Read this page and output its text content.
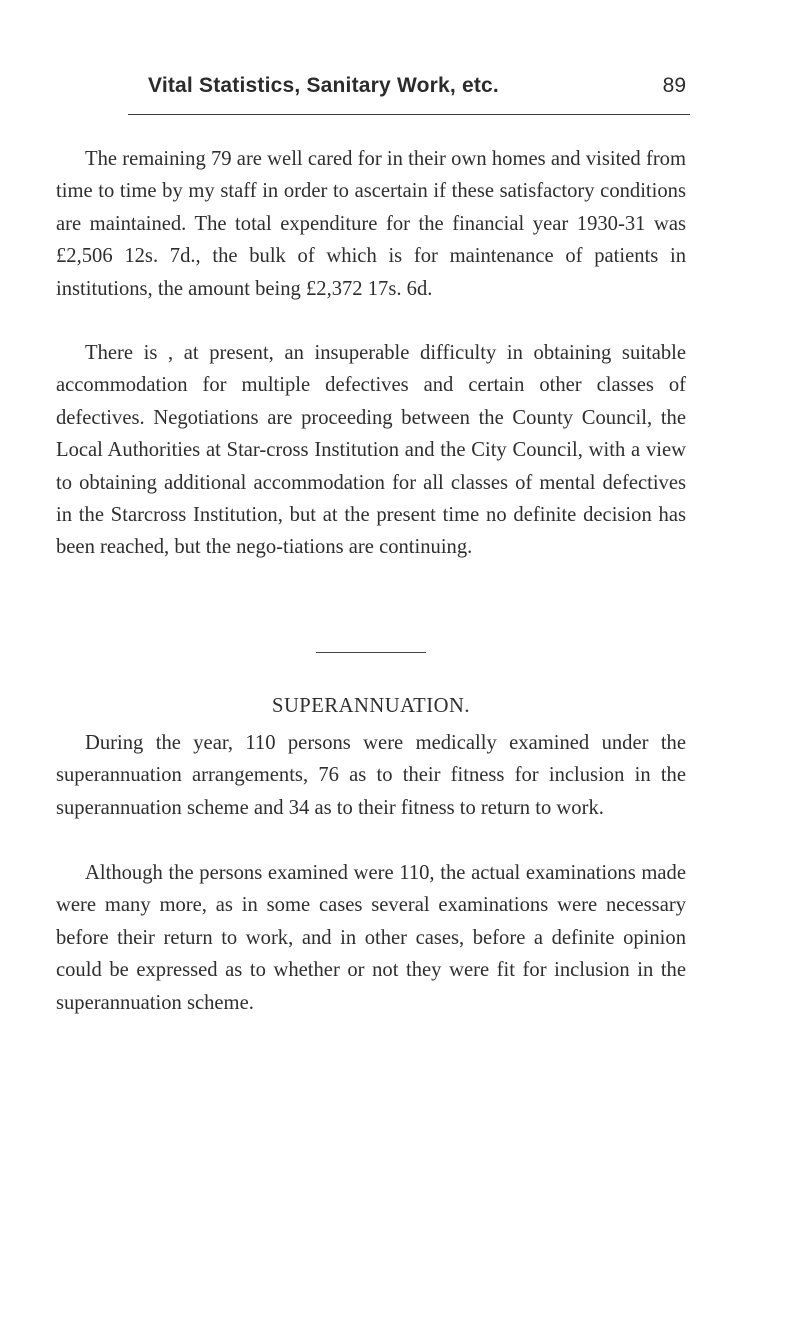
Vital Statistics, Sanitary Work, etc.	89

The remaining 79 are well cared for in their own homes and visited from time to time by my staff in order to ascertain if these satisfactory conditions are maintained. The total expenditure for the financial year 1930-31 was £2,506 12s. 7d., the bulk of which is for maintenance of patients in institutions, the amount being £2,372 17s. 6d.

There is , at present, an insuperable difficulty in obtaining suitable accommodation for multiple defectives and certain other classes of defectives. Negotiations are proceeding between the County Council, the Local Authorities at Star-cross Institution and the City Council, with a view to obtaining additional accommodation for all classes of mental defectives in the Starcross Institution, but at the present time no definite decision has been reached, but the nego-tiations are continuing.

SUPERANNUATION.

During the year, 110 persons were medically examined under the superannuation arrangements, 76 as to their fitness for inclusion in the superannuation scheme and 34 as to their fitness to return to work.

Although the persons examined were 110, the actual examinations made were many more, as in some cases several examinations were necessary before their return to work, and in other cases, before a definite opinion could be expressed as to whether or not they were fit for inclusion in the superannuation scheme.
